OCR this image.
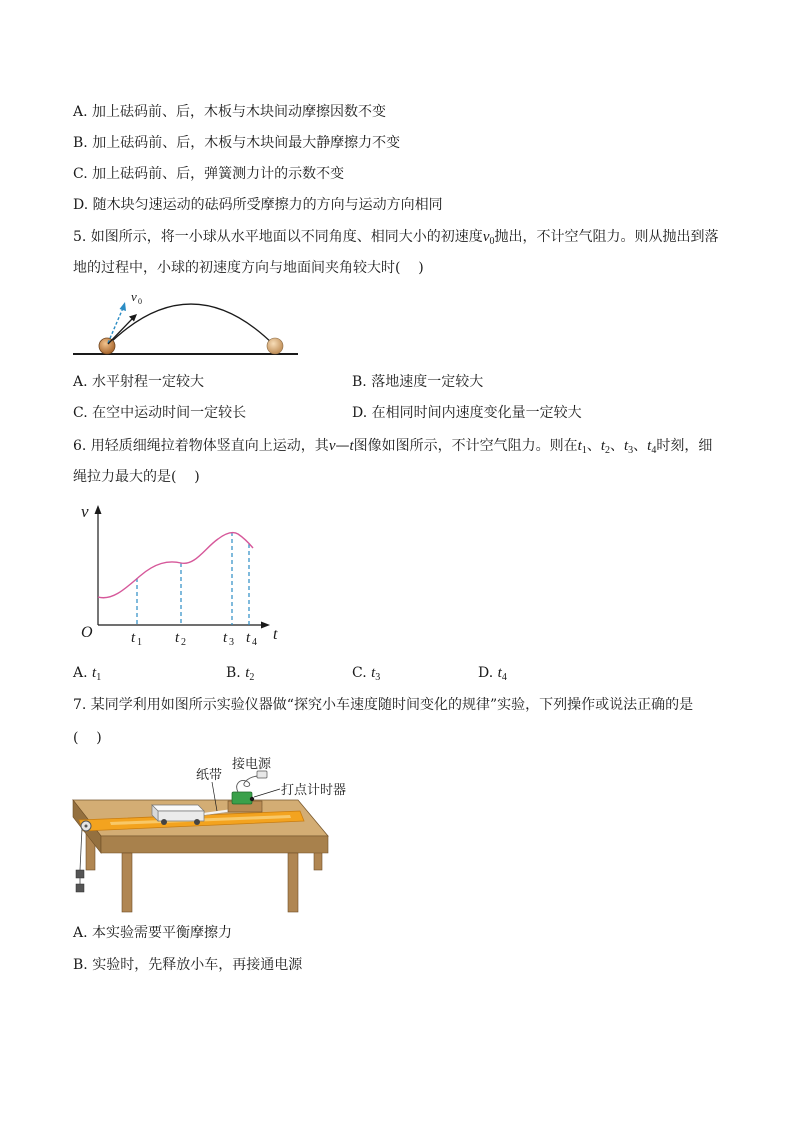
A. 加上砝码前、后，木板与木块间动摩擦因数不变
B. 加上砝码前、后，木板与木块间最大静摩擦力不变
C. 加上砝码前、后，弹簧测力计的示数不变
D. 随木块匀速运动的砝码所受摩擦力的方向与运动方向相同
5. 如图所示，将一小球从水平地面以不同角度、相同大小的初速度$v_0$抛出，不计空气阻力。则从抛出到落
地的过程中，小球的初速度方向与地面间夹角较大时(    )
v 0
A. 水平射程一定较大	B. 落地速度一定较大
C. 在空中运动时间一定较长	D. 在相同时间内速度变化量一定较大
6. 用轻质细绳拉着物体竖直向上运动，其v—t图像如图所示，不计空气阻力。则在$t_1$、$t_2$、$t_3$、$t_4$时刻，细
绳拉力最大的是(    )
v
O	t
t 1 t 2 t 3 t 4
A. $t_1$	B. $t_2$	C. $t_3$	D. $t_4$
7. 某同学利用如图所示实验仪器做“探究小车速度随时间变化的规律”实验，下列操作或说法正确的是
(    )
接电源
纸带
打点计时器
A. 本实验需要平衡摩擦力
B. 实验时，先释放小车，再接通电源
